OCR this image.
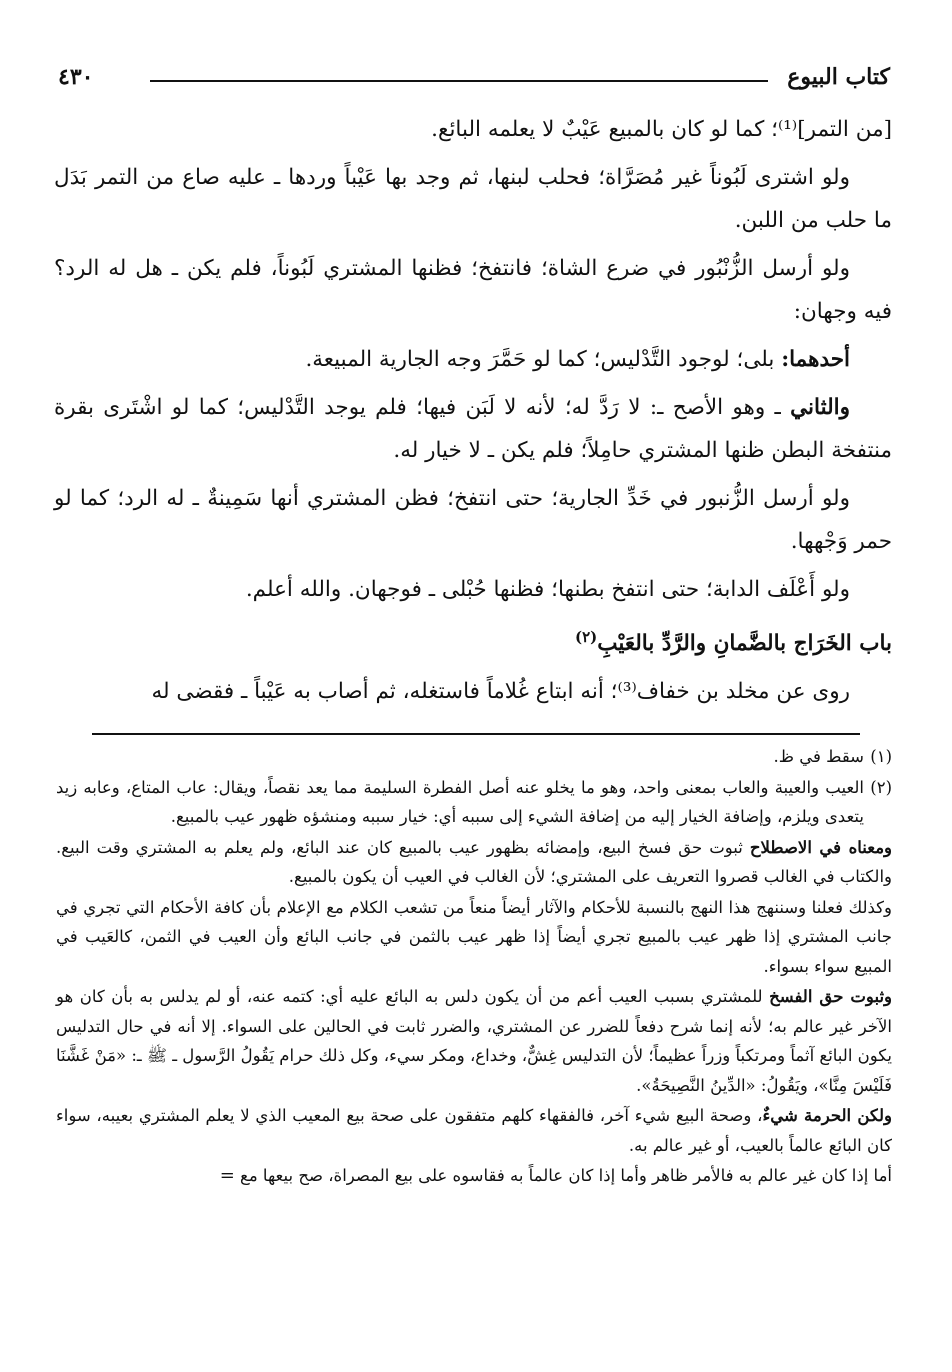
كتاب البيوع
٤٣٠

[من التمر]⁽¹⁾؛ كما لو كان بالمبيع عَيْبٌ لا يعلمه البائع.

ولو اشترى لَبُوناً غير مُصَرَّاة؛ فحلب لبنها، ثم وجد بها عَيْباً وردها ـ عليه صاع من التمر بَدَل ما حلب من اللبن.

ولو أرسل الزُّنْبُور في ضرع الشاة؛ فانتفخ؛ فظنها المشتري لَبُوناً، فلم يكن ـ هل له الرد؟ فيه وجهان:

أحدهما: بلى؛ لوجود التَّدْليس؛ كما لو حَمَّرَ وجه الجارية المبيعة.

والثاني ـ وهو الأصح ـ: لا رَدَّ له؛ لأنه لا لَبَن فيها؛ فلم يوجد التَّدْليس؛ كما لو اشْتَرى بقرة منتفخة البطن ظنها المشتري حامِلاً؛ فلم يكن ـ لا خيار له.

ولو أرسل الزُّنبور في خَدِّ الجارية؛ حتى انتفخ؛ فظن المشتري أنها سَمِينةٌ ـ له الرد؛ كما لو حمر وَجْهها.

ولو أَعْلَف الدابة؛ حتى انتفخ بطنها؛ فظنها حُبْلى ـ فوجهان. والله أعلم.

باب الخَرَاج بالضَّمانِ والرَّدِّ بالعَيْبِ$^{(٢)}$

روى عن مخلد بن خفاف⁽³⁾؛ أنه ابتاع غُلاماً فاستغله، ثم أصاب به عَيْباً ـ فقضى له

(١)سقط في ظ.

(٢)العيب والعيبة والعاب بمعنى واحد، وهو ما يخلو عنه أصل الفطرة السليمة مما يعد نقصاً، ويقال: عاب المتاع، وعابه زيد يتعدى ويلزم، وإضافة الخيار إليه من إضافة الشيء إلى سببه أي: خيار سببه ومنشؤه ظهور عيب بالمبيع.

ومعناه في الاصطلاح ثبوت حق فسخ البيع، وإمضائه بظهور عيب بالمبيع كان عند البائع، ولم يعلم به المشتري وقت البيع. والكتاب في الغالب قصروا التعريف على المشتري؛ لأن الغالب في العيب أن يكون بالمبيع.

وكذلك فعلنا وسننهج هذا النهج بالنسبة للأحكام والآثار أيضاً منعاً من تشعب الكلام مع الإعلام بأن كافة الأحكام التي تجري في جانب المشتري إذا ظهر عيب بالمبيع تجري أيضاً إذا ظهر عيب بالثمن في جانب البائع وأن العيب في الثمن، كالعَيب في المبيع سواء بسواء.

وثبوت حق الفسخ للمشتري بسبب العيب أعم من أن يكون دلس به البائع عليه أي: كتمه عنه، أو لم يدلس به بأن كان هو الآخر غير عالم به؛ لأنه إنما شرح دفعاً للضرر عن المشتري، والضرر ثابت في الحالين على السواء. إلا أنه في حال التدليس يكون البائع آثماً ومرتكباً وزراً عظيماً؛ لأن التدليس غِشٌّ، وخداع، ومكر سيء، وكل ذلك حرام يَقُولُ الرَّسول ـ ﷺ ـ: «مَنْ غَشَّنَا فَلَيْسَ مِنَّا»، ويَقُولُ: «الدِّينُ النَّصِيحَةُ».

ولكن الحرمة شيءٌ، وصحة البيع شيء آخر، فالفقهاء كلهم متفقون على صحة بيع المعيب الذي لا يعلم المشتري بعيبه، سواء كان البائع عالماً بالعيب، أو غير عالم به.

أما إذا كان غير عالم به فالأمر ظاهر وأما إذا كان عالماً به فقاسوه على بيع المصراة، صح بيعها مع =
